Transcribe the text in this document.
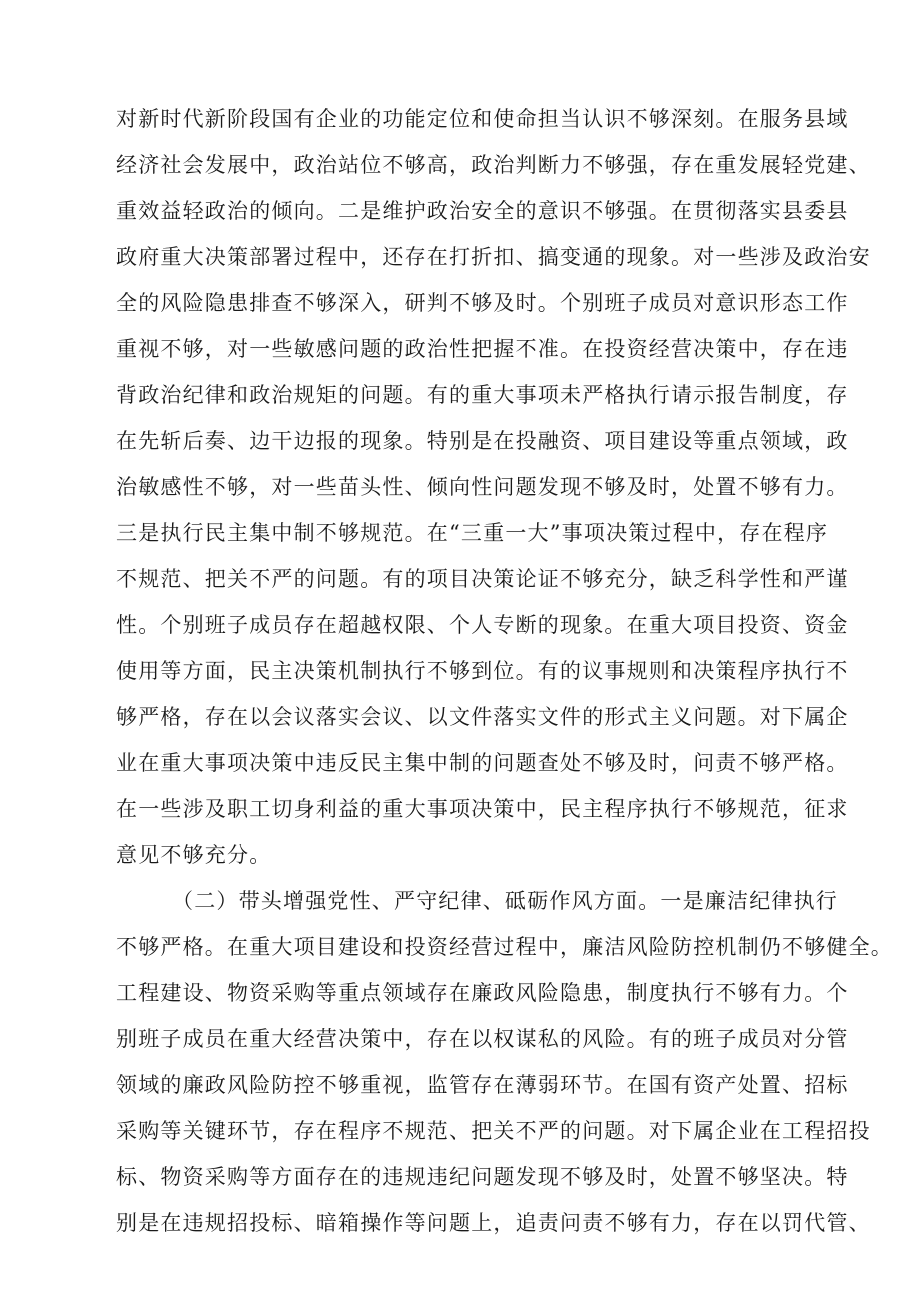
对新时代新阶段国有企业的功能定位和使命担当认识不够深刻。在服务县域
经济社会发展中，政治站位不够高，政治判断力不够强，存在重发展轻党建、
重效益轻政治的倾向。二是维护政治安全的意识不够强。在贯彻落实县委县
政府重大决策部署过程中，还存在打折扣、搞变通的现象。对一些涉及政治安
全的风险隐患排查不够深入，研判不够及时。个别班子成员对意识形态工作
重视不够，对一些敏感问题的政治性把握不准。在投资经营决策中，存在违
背政治纪律和政治规矩的问题。有的重大事项未严格执行请示报告制度，存
在先斩后奏、边干边报的现象。特别是在投融资、项目建设等重点领域，政
治敏感性不够，对一些苗头性、倾向性问题发现不够及时，处置不够有力。
三是执行民主集中制不够规范。在“三重一大”事项决策过程中，存在程序
不规范、把关不严的问题。有的项目决策论证不够充分，缺乏科学性和严谨
性。个别班子成员存在超越权限、个人专断的现象。在重大项目投资、资金
使用等方面，民主决策机制执行不够到位。有的议事规则和决策程序执行不
够严格，存在以会议落实会议、以文件落实文件的形式主义问题。对下属企
业在重大事项决策中违反民主集中制的问题查处不够及时，问责不够严格。
在一些涉及职工切身利益的重大事项决策中，民主程序执行不够规范，征求
意见不够充分。
（二）带头增强党性、严守纪律、砥砺作风方面。一是廉洁纪律执行
不够严格。在重大项目建设和投资经营过程中，廉洁风险防控机制仍不够健全。
工程建设、物资采购等重点领域存在廉政风险隐患，制度执行不够有力。个
别班子成员在重大经营决策中，存在以权谋私的风险。有的班子成员对分管
领域的廉政风险防控不够重视，监管存在薄弱环节。在国有资产处置、招标
采购等关键环节，存在程序不规范、把关不严的问题。对下属企业在工程招投
标、物资采购等方面存在的违规违纪问题发现不够及时，处置不够坚决。特
别是在违规招投标、暗箱操作等问题上，追责问责不够有力，存在以罚代管、
